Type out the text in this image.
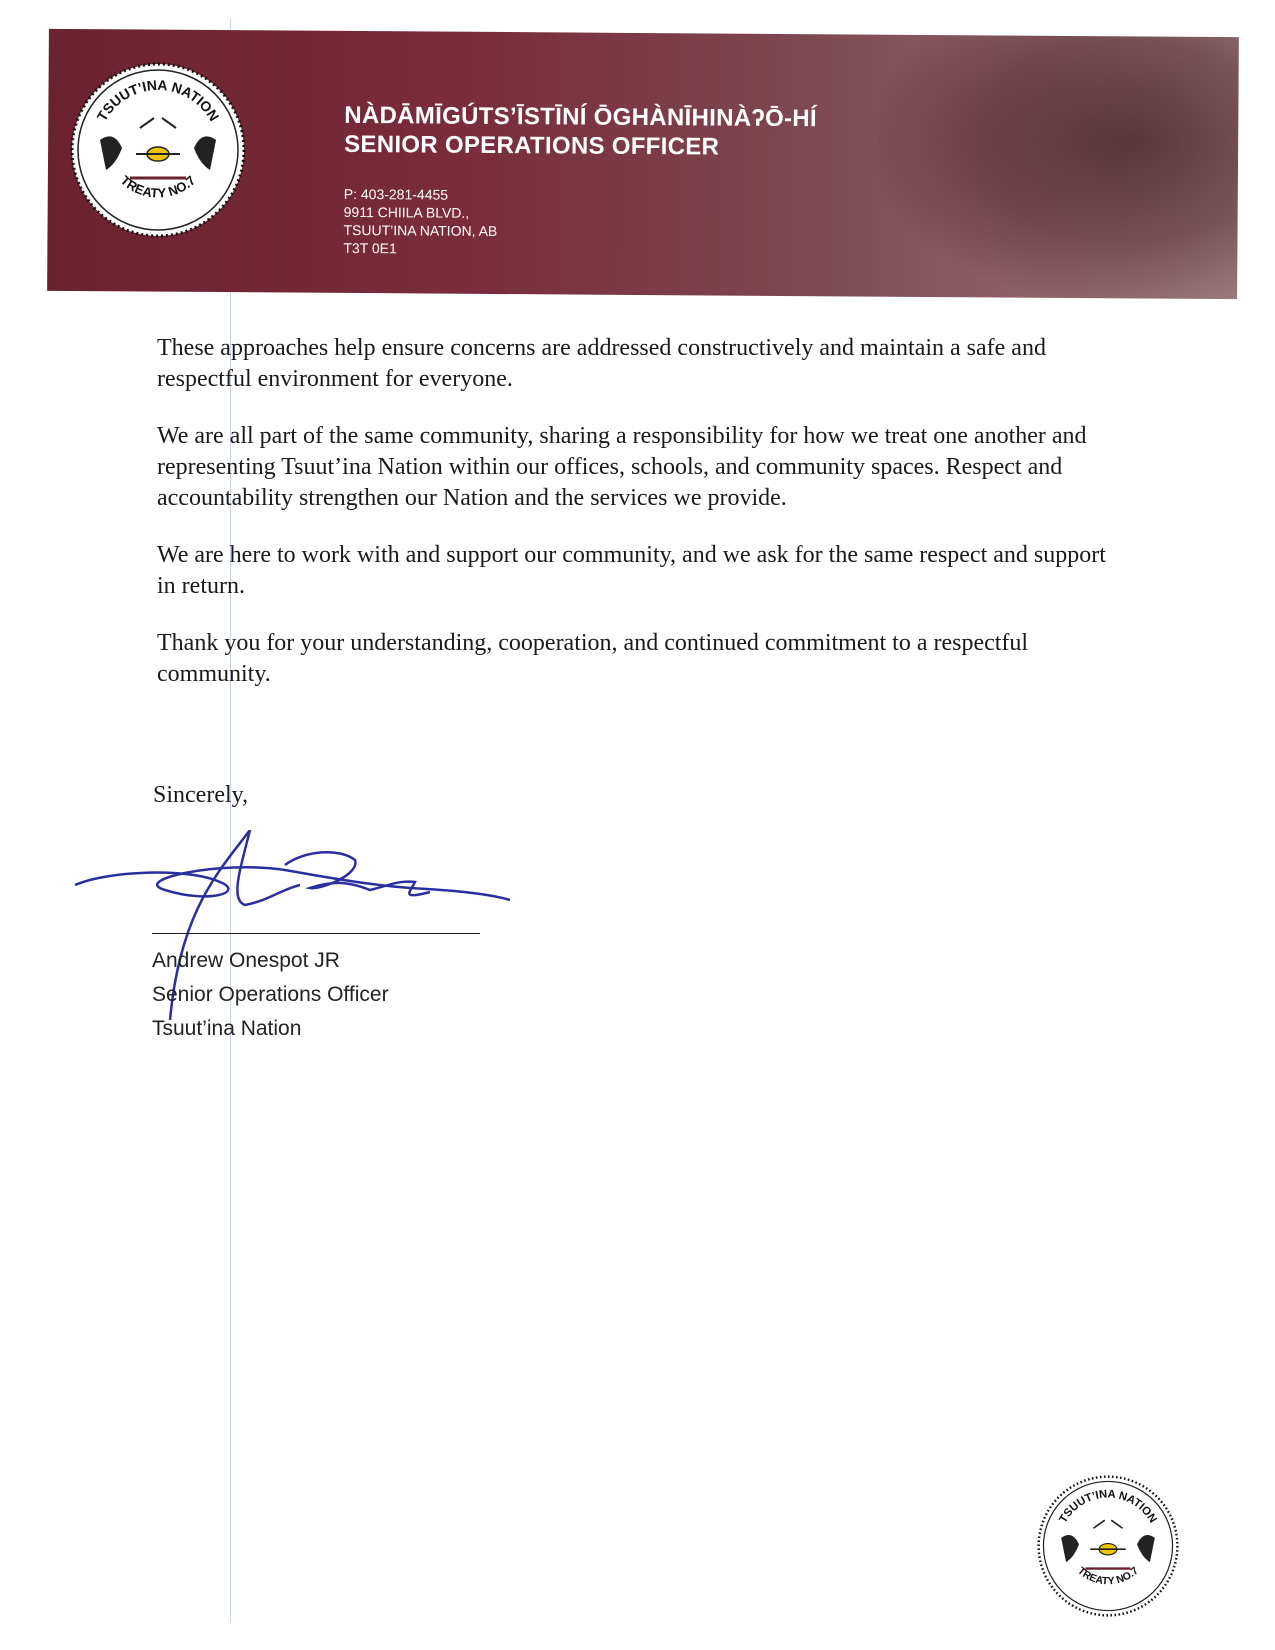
NÀDĀMĪGÚTS’ĪSTĪNÍ ŌGHÀNĪHINÀʔŌ-HÍ
SENIOR OPERATIONS OFFICER
P: 403-281-4455
9911 CHIILA BLVD.,
TSUUT’INA NATION, AB
T3T 0E1
TSUUT’INA NATION
TREATY NO.7

These approaches help ensure concerns are addressed constructively and maintain a safe and respectful environment for everyone.

We are all part of the same community, sharing a responsibility for how we treat one another and representing Tsuut’ina Nation within our offices, schools, and community spaces. Respect and accountability strengthen our Nation and the services we provide.

We are here to work with and support our community, and we ask for the same respect and support in return.

Thank you for your understanding, cooperation, and continued commitment to a respectful community.

Sincerely,
Andrew Onespot JR
Senior Operations Officer
Tsuut’ina Nation
TSUUT’INA NATION
TREATY NO.7
